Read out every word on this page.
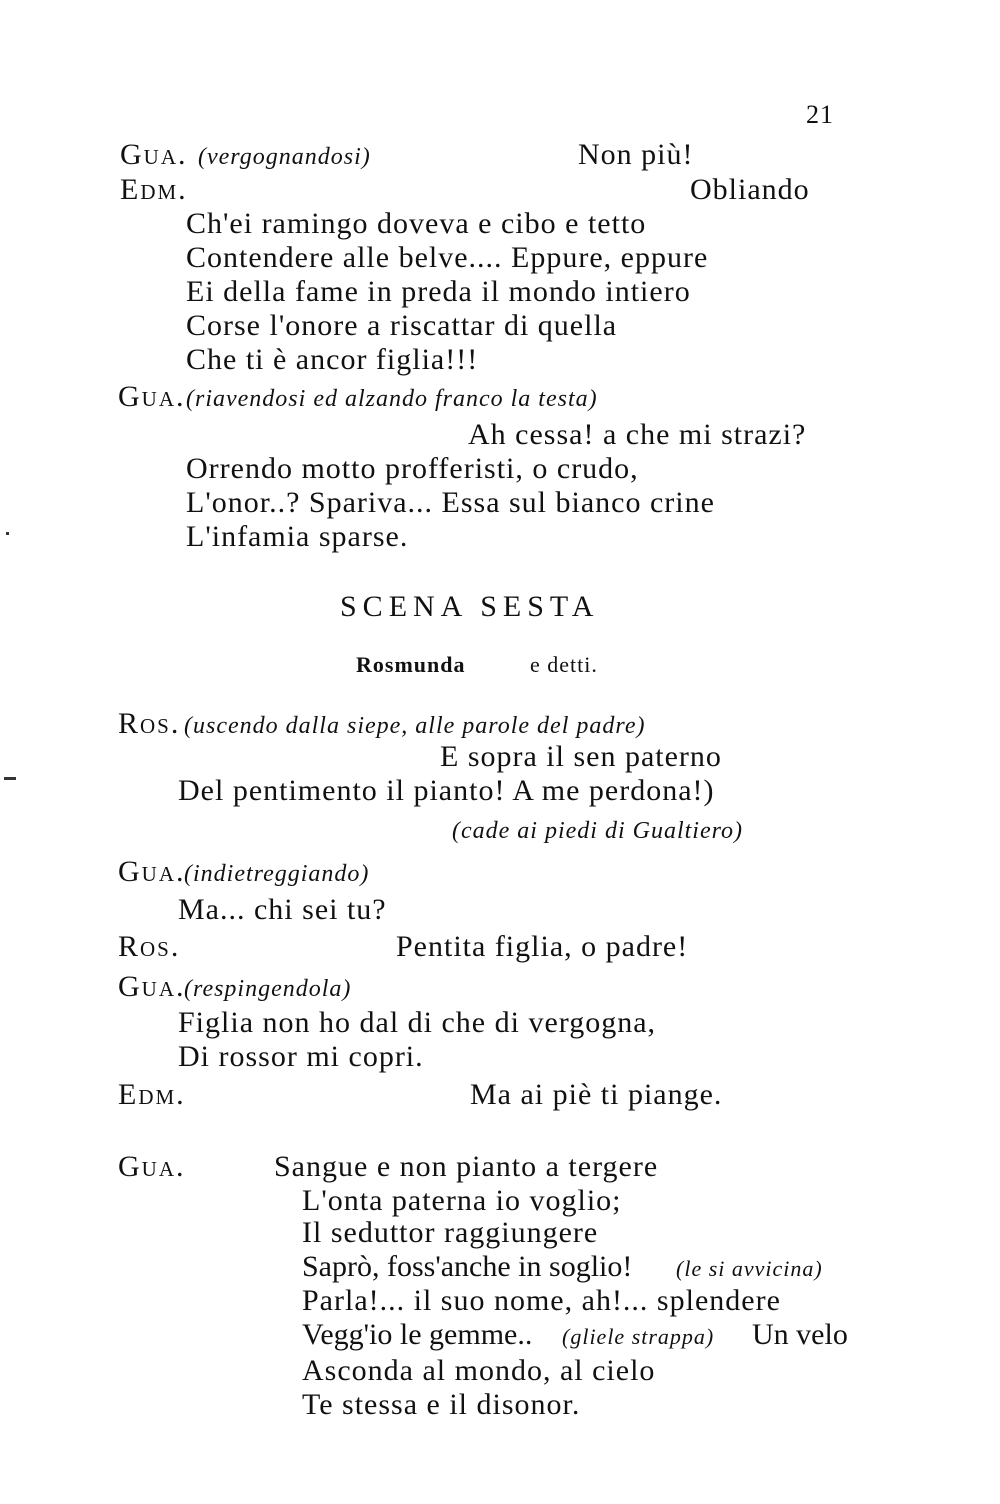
21
Gua. (vergognandosi)	Non più!
Edm.	Obliando
Ch'ei ramingo doveva e cibo e tetto
Contendere alle belve.... Eppure, eppure
Ei della fame in preda il mondo intiero
Corse l'onore a riscattar di quella
Che ti è ancor figlia!!!
Gua. (riavendosi ed alzando franco la testa)
Ah cessa! a che mi strazi?
Orrendo motto profferisti, o crudo,
L'onor..? Spariva... Essa sul bianco crine
L'infamia sparse.
SCENA SESTA
Rosmunda	e detti.
Ros. (uscendo dalla siepe, alle parole del padre)
E sopra il sen paterno
Del pentimento il pianto! A me perdona!)
(cade ai piedi di Gualtiero)
Gua.
(indietreggiando)
Ma... chi sei tu?
Ros.	Pentita figlia, o padre!
Gua.
(respingendola)
Figlia non ho dal di che di vergogna,
Di rossor mi copri.
Edm.	Ma ai piè ti piange.
Gua.	Sangue e non pianto a tergere
L'onta paterna io voglio;
Il seduttor raggiungere
Saprò, foss'anche in soglio! (le si avvicina)
Parla!... il suo nome, ah!... splendere
Vegg'io le gemme.. (gliele strappa) Un velo
Asconda al mondo, al cielo
Te stessa e il disonor.
